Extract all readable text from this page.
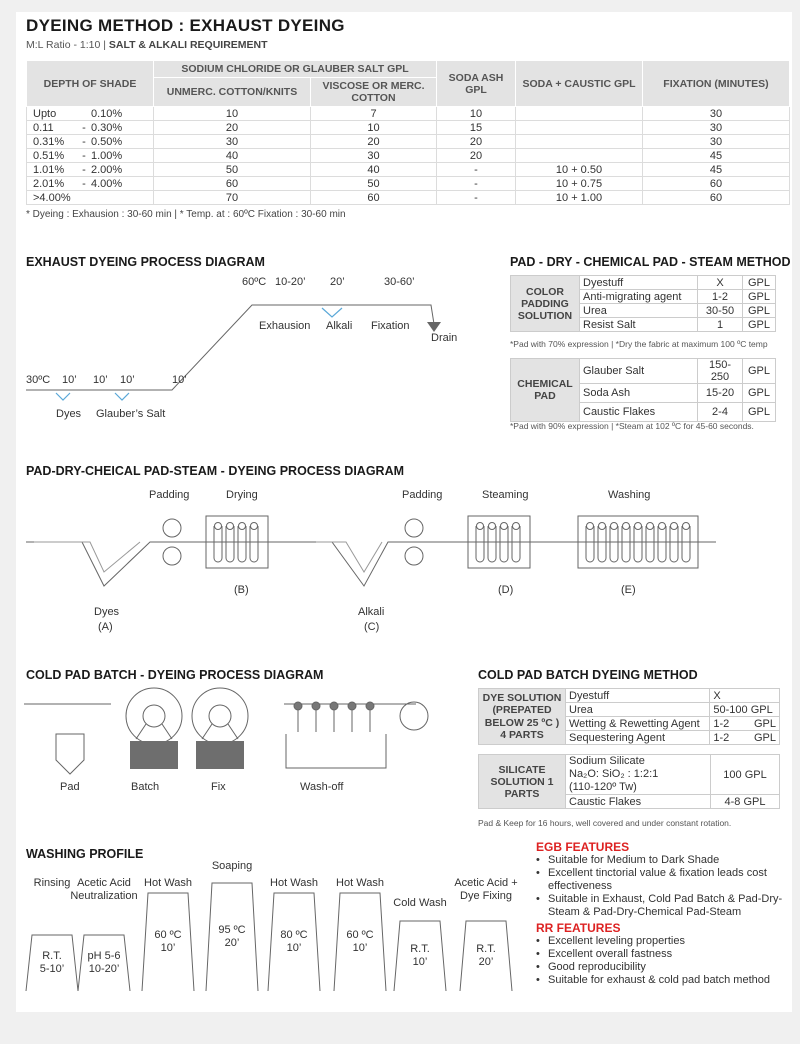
DYEING METHOD : EXHAUST DYEING
M:L Ratio - 1:10 | SALT & ALKALI REQUIREMENT
DEPTH OF SHADE	SODIUM CHLORIDE OR GLAUBER SALT GPL		SODA ASH GPL	SODA + CAUSTIC GPL	FIXATION (MINUTES)
	UNMERC. COTTON/KNITS	VISCOSE OR MERC. COTTON			
Upto 0.10%	10	7	10		30
0.11 - 0.30%	20	10	15		30
0.31% - 0.50%	30	20	20		30
0.51% - 1.00%	40	30	20		45
1.01% - 2.00%	50	40	-	10 + 0.50	45
2.01% - 4.00%	60	50	-	10 + 0.75	60
>4.00%	70	60	-	10 + 1.00	60
* Dyeing : Exhausion : 30-60 min | * Temp. at : 60ºC Fixation : 30-60 min
EXHAUST DYEING PROCESS DIAGRAM
30ºC 10’ 10’ 10’	10’
Dyes Glauber’s Salt
60ºC 10-20’ 20’	30-60’
Exhausion Alkali Fixation
Drain
PAD - DRY - CHEMICAL PAD - STEAM METHOD
COLOR PADDING SOLUTION	Dyestuff	X	GPL
	Anti-migrating agent	1-2	GPL
	Urea	30-50	GPL
	Resist Salt	1	GPL
*Pad with 70% expression | *Dry the fabric at maximum 100 ºC temp
CHEMICAL PAD	Glauber Salt	150-250	GPL
	Soda Ash	15-20	GPL
	Caustic Flakes	2-4	GPL
*Pad with 90% expression | *Steam at 102 ºC for 45-60 seconds.
PAD-DRY-CHEICAL PAD-STEAM - DYEING PROCESS DIAGRAM
Padding	Drying	Padding	Steaming	Washing
Dyes
(A)
(B)
Alkali
(C)
(D)	(E)
COLD PAD BATCH - DYEING PROCESS DIAGRAM
Pad	Batch	Fix	Wash-off
COLD PAD BATCH DYEING METHOD
DYE SOLUTION
(PREPATED
BELOW 25 ºC )
4 PARTS	Dyestuff	X
	Urea	50-100 GPL
	Wetting & Rewetting Agent	1-2 GPL

	Sequestering Agent	1-2 GPL
SILICATE SOLUTION 1 PARTS	Sodium Silicate
Na₂O: SiO₂ : 1:2:1
(110-120º Tw)	100 GPL
	Caustic Flakes	4-8 GPL
Pad & Keep for 16 hours, well covered and under constant rotation.
WASHING PROFILE
Rinsing
R.T.
5-10’
Acetic Acid Neutralization
pH 5-6
10-20’
Hot Wash
60 ºC
10’
Soaping
95 ºC
20’
Hot Wash
80 ºC
10’
Hot Wash
60 ºC
10’
Cold Wash
R.T.
10’
Acetic Acid + Dye Fixing
R.T.
20’
EGB FEATURES
• Suitable for Medium to Dark Shade
• Excellent tinctorial value & fixation leads cost effectiveness
• Suitable in Exhaust, Cold Pad Batch & Pad-Dry-Steam & Pad-Dry-Chemical Pad-Steam
RR FEATURES
• Excellent leveling properties
• Excellent overall fastness
• Good reproducibility
• Suitable for exhaust & cold pad batch method
